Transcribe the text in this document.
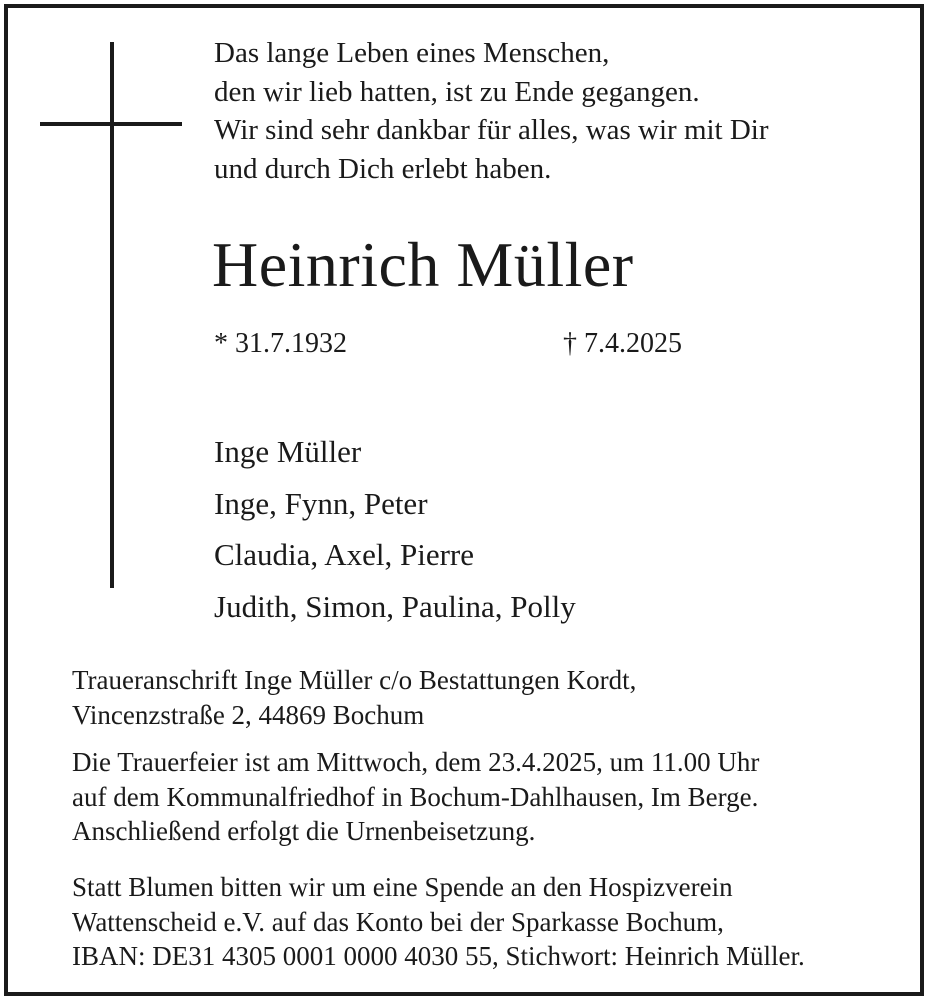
Das lange Leben eines Menschen,
den wir lieb hatten, ist zu Ende gegangen.
Wir sind sehr dankbar für alles, was wir mit Dir
und durch Dich erlebt haben.
Heinrich Müller
* 31.7.1932	† 7.4.2025
Inge Müller
Inge, Fynn, Peter
Claudia, Axel, Pierre
Judith, Simon, Paulina, Polly
Traueranschrift Inge Müller c/o Bestattungen Kordt,
Vincenzstraße 2, 44869 Bochum
Die Trauerfeier ist am Mittwoch, dem 23.4.2025, um 11.00 Uhr
auf dem Kommunalfriedhof in Bochum-Dahlhausen, Im Berge.
Anschließend erfolgt die Urnenbeisetzung.
Statt Blumen bitten wir um eine Spende an den Hospizverein
Wattenscheid e.V. auf das Konto bei der Sparkasse Bochum,
IBAN: DE31 4305 0001 0000 4030 55, Stichwort: Heinrich Müller.
